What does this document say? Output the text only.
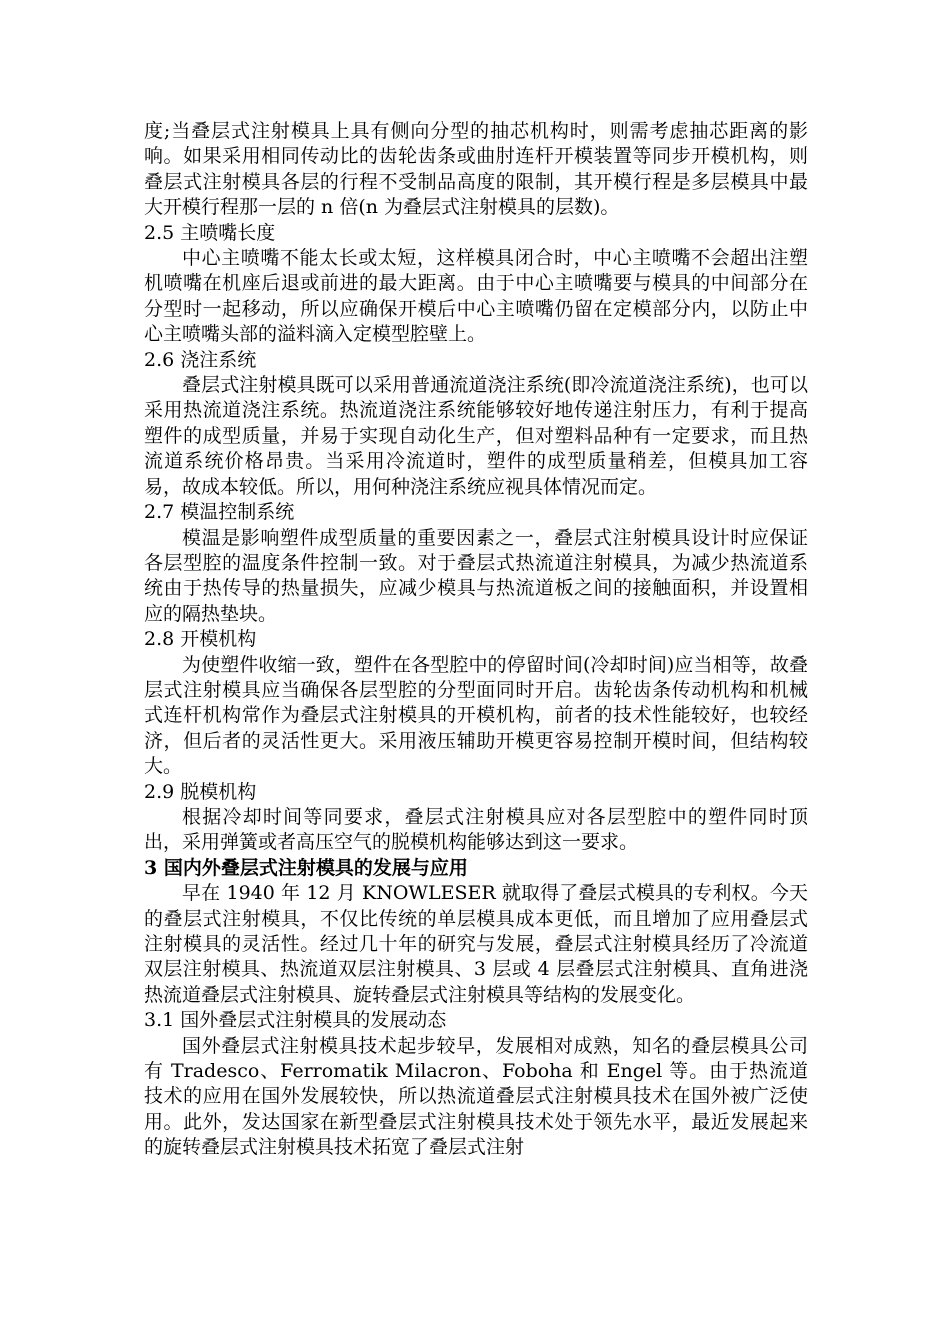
度;当叠层式注射模具上具有侧向分型的抽芯机构时，则需考虑抽芯距离的影响。如果采用相同传动比的齿轮齿条或曲肘连杆开模装置等同步开模机构，则叠层式注射模具各层的行程不受制品高度的限制，其开模行程是多层模具中最大开模行程那一层的 n 倍(n 为叠层式注射模具的层数)。

2.5 主喷嘴长度

中心主喷嘴不能太长或太短，这样模具闭合时，中心主喷嘴不会超出注塑机喷嘴在机座后退或前进的最大距离。由于中心主喷嘴要与模具的中间部分在分型时一起移动，所以应确保开模后中心主喷嘴仍留在定模部分内，以防止中心主喷嘴头部的溢料滴入定模型腔壁上。

2.6 浇注系统

叠层式注射模具既可以采用普通流道浇注系统(即冷流道浇注系统)，也可以采用热流道浇注系统。热流道浇注系统能够较好地传递注射压力，有利于提高塑件的成型质量，并易于实现自动化生产，但对塑料品种有一定要求，而且热流道系统价格昂贵。当采用冷流道时，塑件的成型质量稍差，但模具加工容易，故成本较低。所以，用何种浇注系统应视具体情况而定。

2.7 模温控制系统

模温是影响塑件成型质量的重要因素之一，叠层式注射模具设计时应保证各层型腔的温度条件控制一致。对于叠层式热流道注射模具，为减少热流道系统由于热传导的热量损失，应减少模具与热流道板之间的接触面积，并设置相应的隔热垫块。

2.8 开模机构

为使塑件收缩一致，塑件在各型腔中的停留时间(冷却时间)应当相等，故叠层式注射模具应当确保各层型腔的分型面同时开启。齿轮齿条传动机构和机械式连杆机构常作为叠层式注射模具的开模机构，前者的技术性能较好，也较经济，但后者的灵活性更大。采用液压辅助开模更容易控制开模时间，但结构较大。

2.9 脱模机构

根据冷却时间等同要求，叠层式注射模具应对各层型腔中的塑件同时顶出，采用弹簧或者高压空气的脱模机构能够达到这一要求。

3 国内外叠层式注射模具的发展与应用

早在 1940 年 12 月 KNOWLESER 就取得了叠层式模具的专利权。今天的叠层式注射模具，不仅比传统的单层模具成本更低，而且增加了应用叠层式注射模具的灵活性。经过几十年的研究与发展，叠层式注射模具经历了冷流道双层注射模具、热流道双层注射模具、3 层或 4 层叠层式注射模具、直角进浇热流道叠层式注射模具、旋转叠层式注射模具等结构的发展变化。

3.1 国外叠层式注射模具的发展动态

国外叠层式注射模具技术起步较早，发展相对成熟，知名的叠层模具公司有 Tradesco、Ferromatik Milacron、Foboha 和 Engel 等。由于热流道技术的应用在国外发展较快，所以热流道叠层式注射模具技术在国外被广泛使用。此外，发达国家在新型叠层式注射模具技术处于领先水平，最近发展起来的旋转叠层式注射模具技术拓宽了叠层式注射
